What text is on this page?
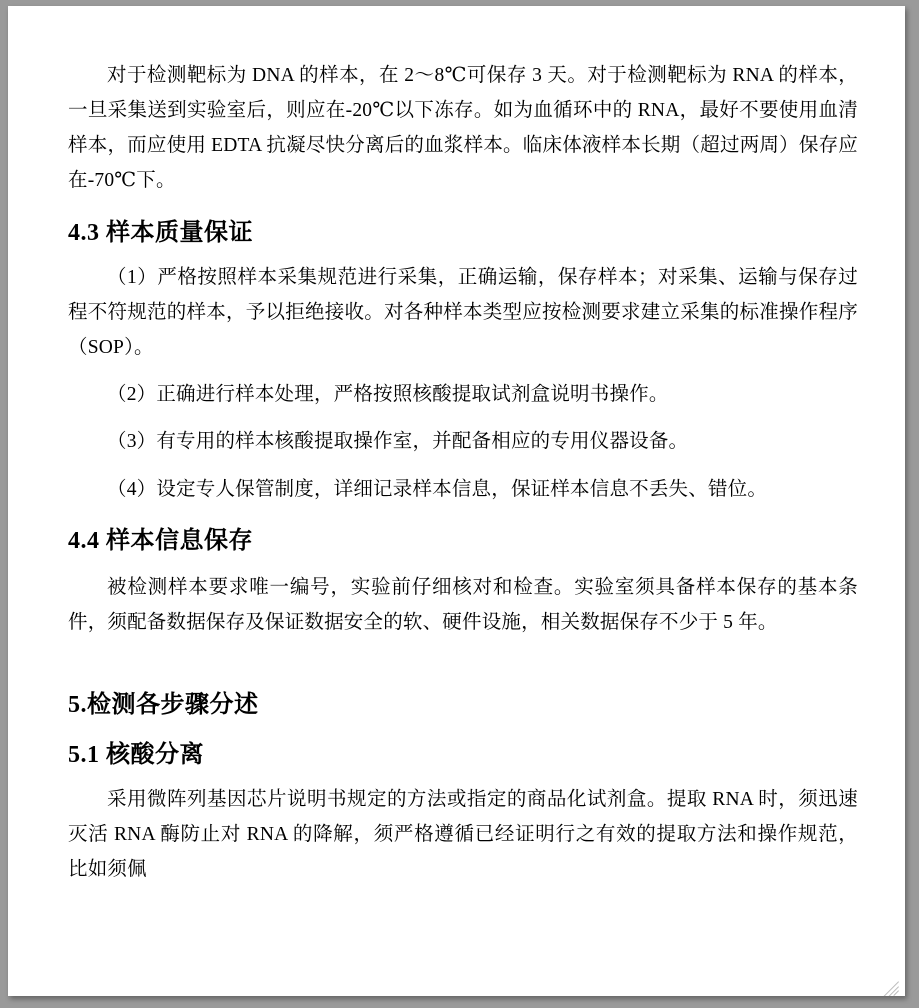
对于检测靶标为 DNA 的样本，在 2～8℃可保存 3 天。对于检测靶标为 RNA 的样本，一旦采集送到实验室后，则应在-20℃以下冻存。如为血循环中的 RNA，最好不要使用血清样本，而应使用 EDTA 抗凝尽快分离后的血浆样本。临床体液样本长期（超过两周）保存应在-70℃下。

4.3 样本质量保证

（1）严格按照样本采集规范进行采集，正确运输，保存样本；对采集、运输与保存过程不符规范的样本，予以拒绝接收。对各种样本类型应按检测要求建立采集的标准操作程序（SOP）。

（2）正确进行样本处理，严格按照核酸提取试剂盒说明书操作。

（3）有专用的样本核酸提取操作室，并配备相应的专用仪器设备。

（4）设定专人保管制度，详细记录样本信息，保证样本信息不丢失、错位。

4.4 样本信息保存

被检测样本要求唯一编号，实验前仔细核对和检查。实验室须具备样本保存的基本条件，须配备数据保存及保证数据安全的软、硬件设施，相关数据保存不少于 5 年。

5.检测各步骤分述
5.1 核酸分离

采用微阵列基因芯片说明书规定的方法或指定的商品化试剂盒。提取 RNA 时，须迅速灭活 RNA 酶防止对 RNA 的降解，须严格遵循已经证明行之有效的提取方法和操作规范，比如须佩
